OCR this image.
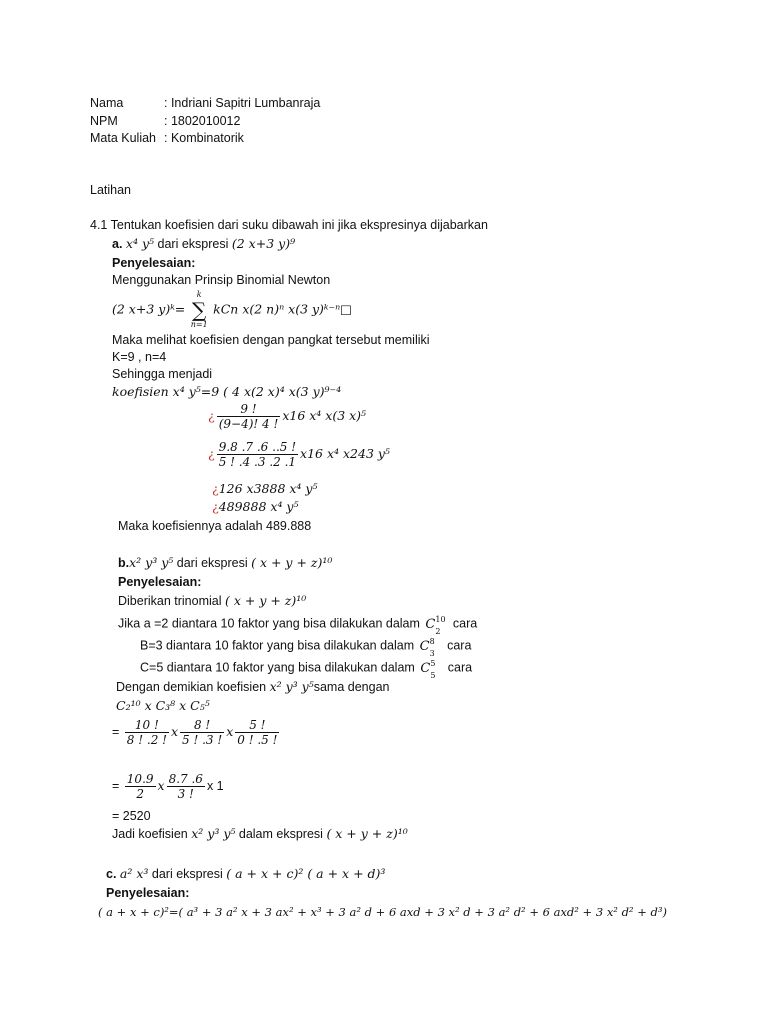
Nama	: Indriani Sapitri Lumbanraja
NPM	: 1802010012
Mata Kuliah : Kombinatorik
Latihan
4.1 Tentukan koefisien dari suku dibawah ini jika ekspresinya dijabarkan
a. x⁴ y⁵ dari ekspresi (2 x+3 y)⁹
Penyelesaian:
Menggunakan Prinsip Binomial Newton
(2 x+3 y)ᵏ=
k
∑
n=1
kCn x(2 n)ⁿ x(3 y)ᵏ⁻ⁿ□
Maka melihat koefisien dengan pangkat tersebut memiliki
K=9 , n=4
Sehingga menjadi
koefisien x⁴ y⁵=9 ( 4 x(2 x)⁴ x(3 y)⁹⁻⁴
¿ $\frac{9 !}{(9-4)! 4 !} x16$ x⁴ x(3 x)⁵
¿ $\frac{9.8 .7 .6 ..5 !}{5 ! .4 .3 .2 .1} x16$ x⁴ x243 y⁵
¿126 x3888 x⁴ y⁵
¿489888 x⁴ y⁵
Maka koefisiennya adalah 489.888
b.x² y³ y⁵ dari ekspresi ( x + y + z)¹⁰
Penyelesaian:
Diberikan trinomial ( x + y + z)¹⁰
Jika a =2 diantara 10 faktor yang bisa dilakukan dalam C 10
2
cara
B=3 diantara 10 faktor yang bisa dilakukan dalam C 8
3
cara
C=5 diantara 10 faktor yang bisa dilakukan dalam C 5
5
cara
Dengan demikian koefisien x² y³ y⁵sama dengan
C₂¹⁰ x C₃⁸ x C₅⁵
= $\frac{10 !}{8 ! .2 !}$ x $\frac{8 !}{5 ! .3 !}$ x $\frac{5 !}{0 ! .5 !}$
= $\frac{10.9}{2}$ x $\frac{8.7 .6}{3 !}$ x 1
= 2520
Jadi koefisien x² y³ y⁵ dalam ekspresi ( x + y + z)¹⁰
c. a² x³ dari ekspresi ( a + x + c)² ( a + x + d)³
Penyelesaian:
( a + x + c)²=( a³ + 3 a² x + 3 ax² + x³ + 3 a² d + 6 axd + 3 x² d + 3 a² d² + 6 axd² + 3 x² d² + d³)
